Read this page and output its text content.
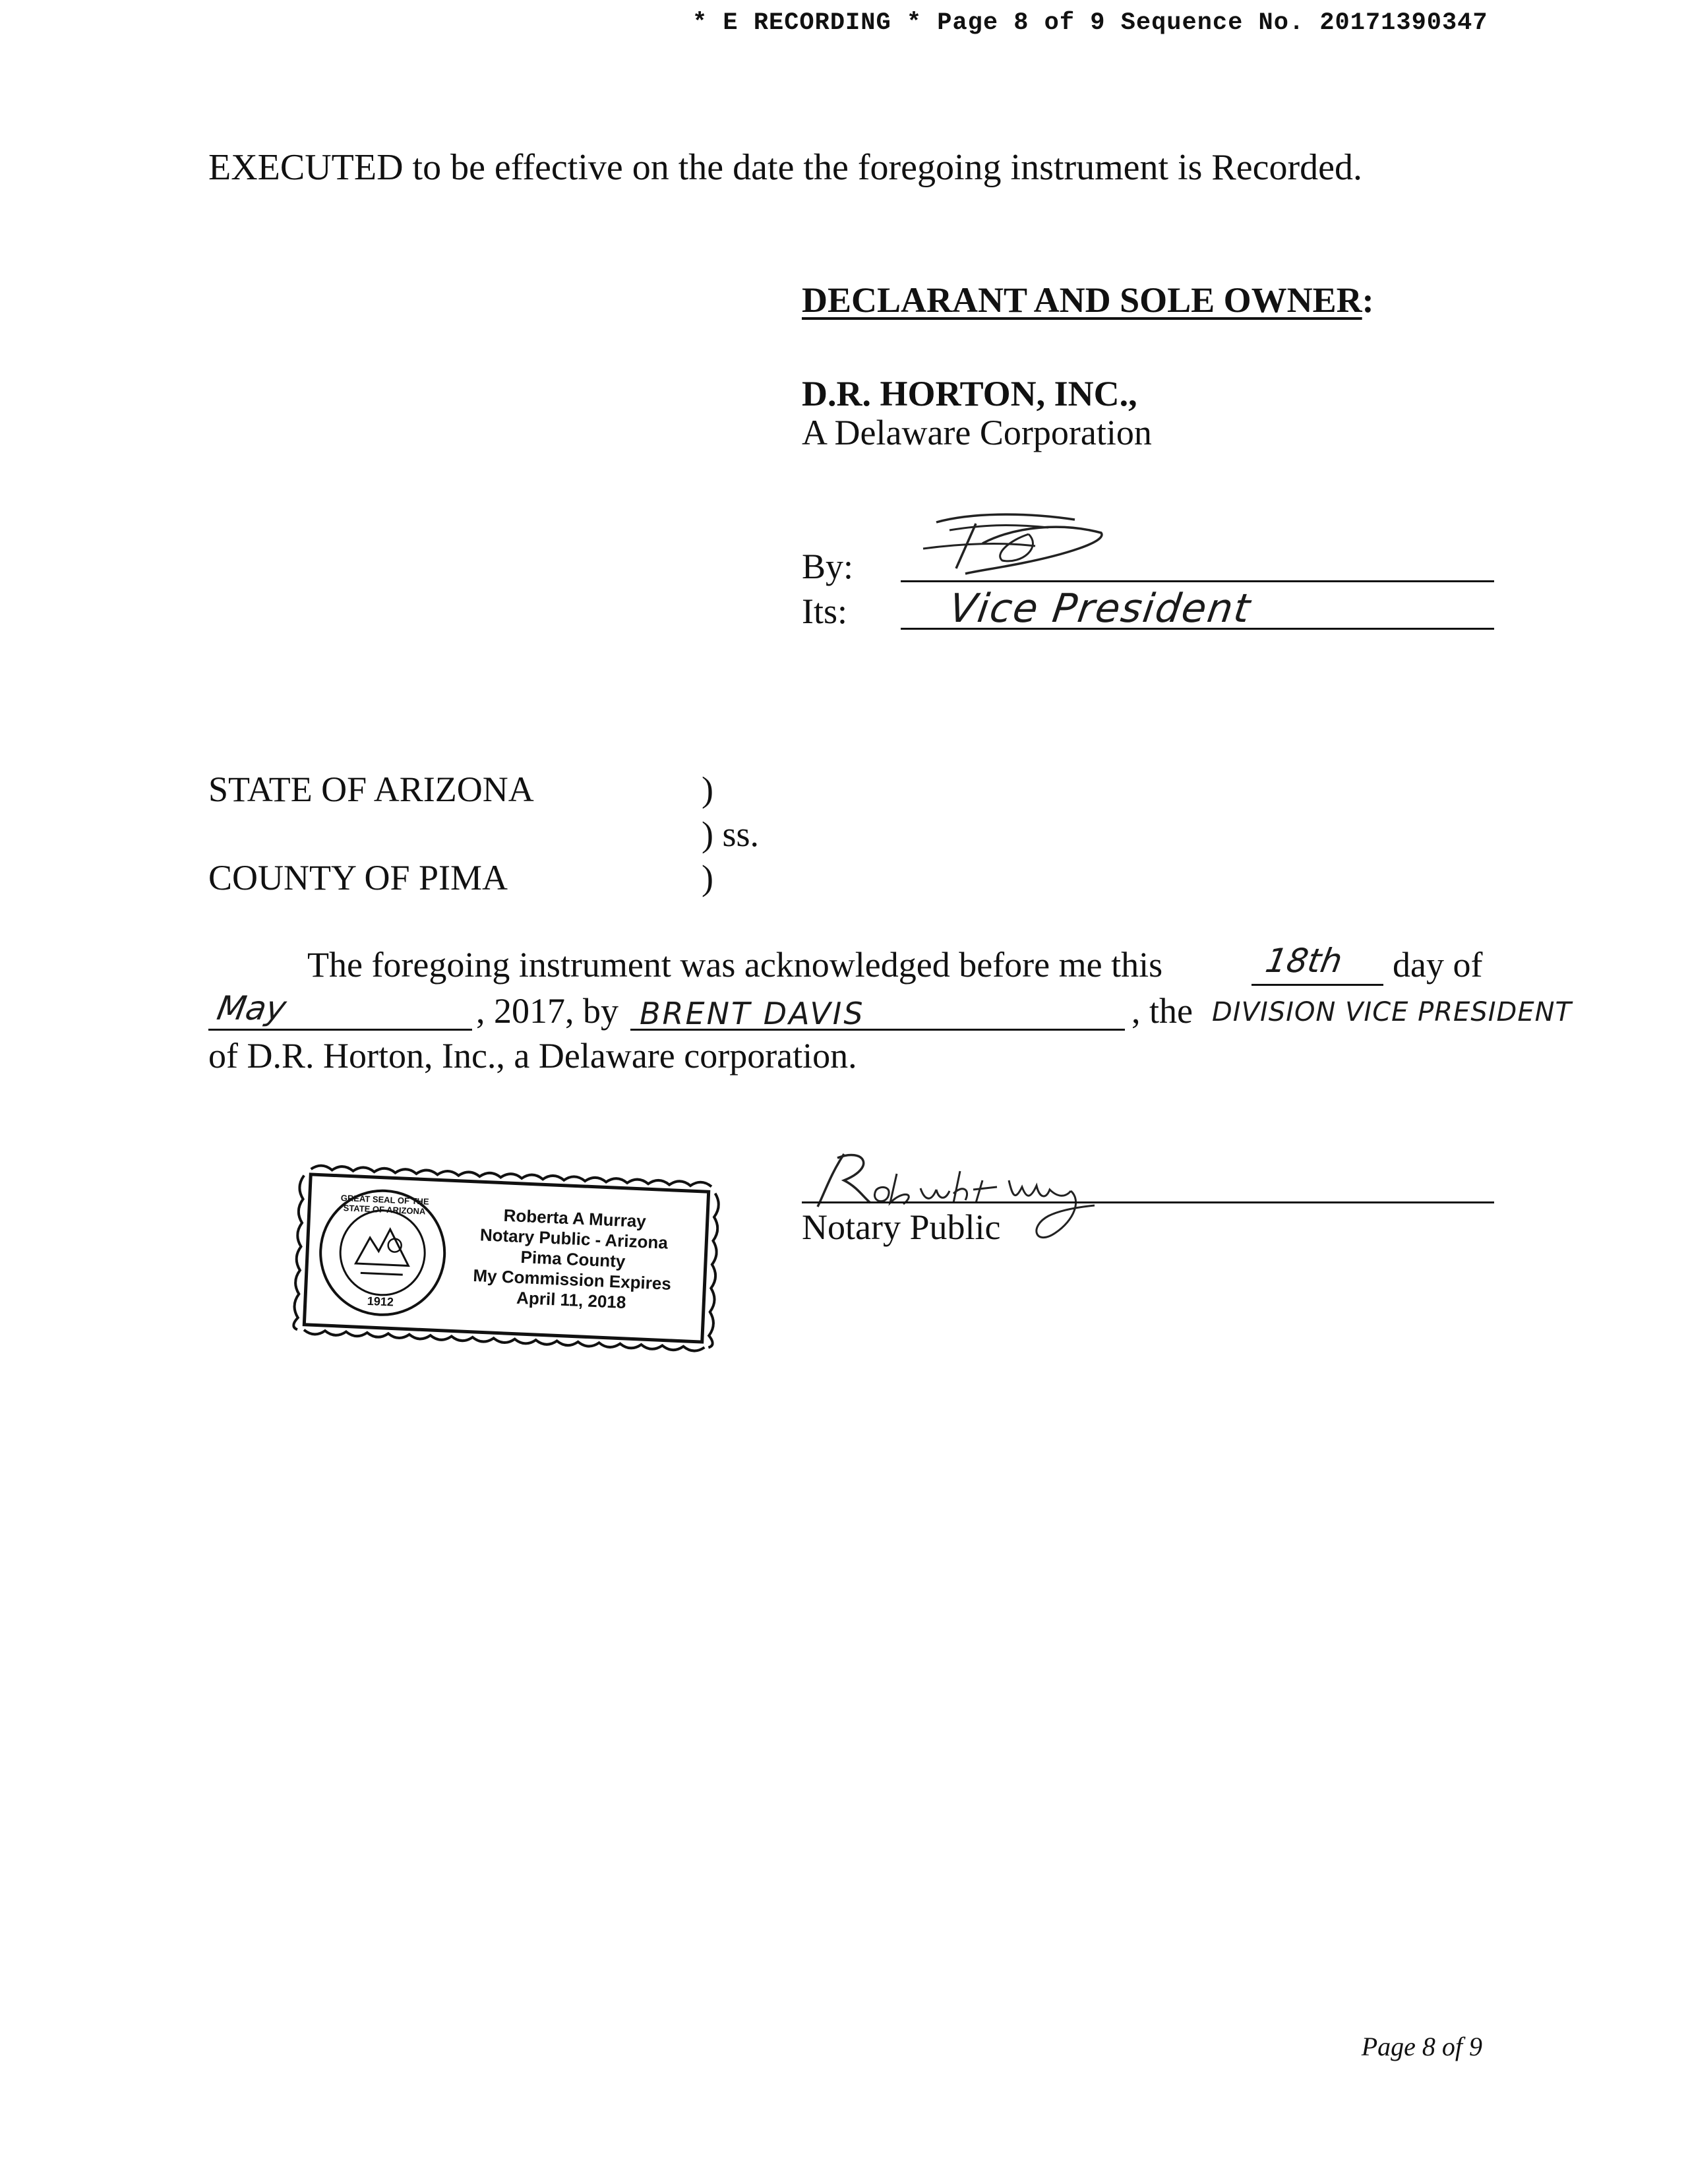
* E RECORDING * Page 8 of 9 Sequence No. 20171390347
EXECUTED to be effective on the date the foregoing instrument is Recorded.
DECLARANT AND SOLE OWNER:
D.R. HORTON, INC.,
A Delaware Corporation
By:
Its:	Vice President
STATE OF ARIZONA	)
) ss.
COUNTY OF PIMA	)
The foregoing instrument was acknowledged before me this	18th day of
May	, 2017, by BRENT DAVIS	, the DIVISION VICE PRESIDENT
of D.R. Horton, Inc., a Delaware corporation.
GREAT SEAL OF THE STATE OF ARIZONA
1912
Roberta A Murray
Notary Public - Arizona
Pima County
My Commission Expires
April 11, 2018
Notary Public
Page 8 of 9
